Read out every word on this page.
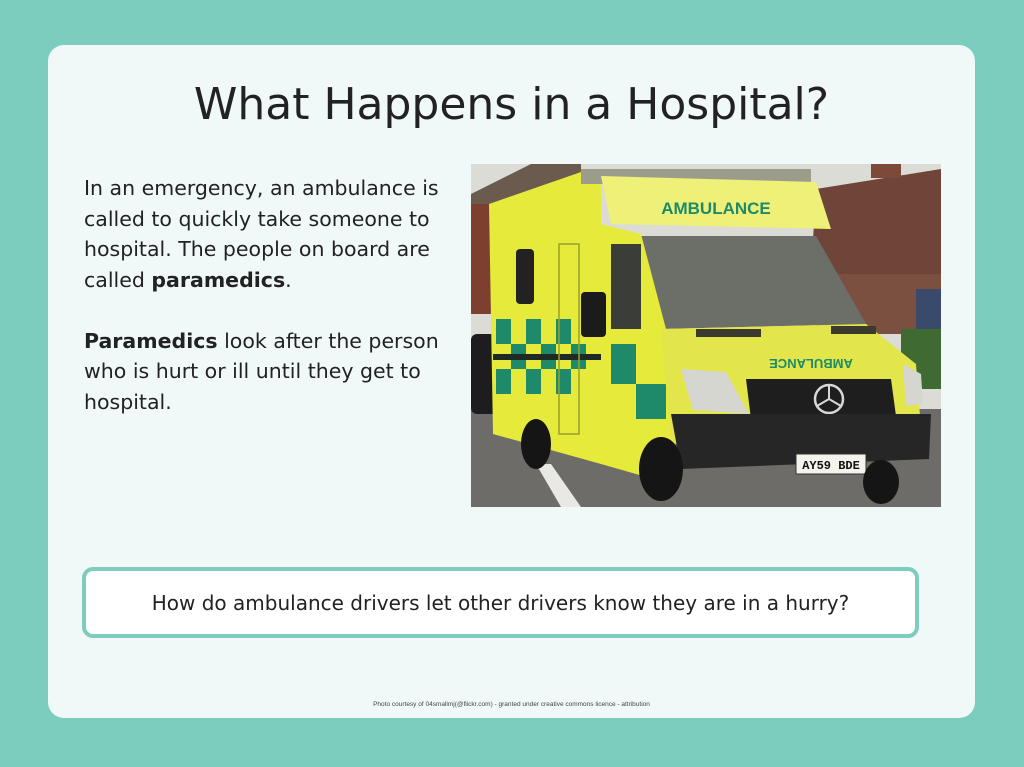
What Happens in a Hospital?

In an emergency, an ambulance is called to quickly take someone to hospital. The people on board are called paramedics.

Paramedics look after the person who is hurt or ill until they get to hospital.

AMBULANCE
AMBULANCE
AY59 BDE
How do ambulance drivers let other drivers know they are in a hurry?
Photo courtesy of 04smallmj(@flickr.com) - granted under creative commons licence - attribution
